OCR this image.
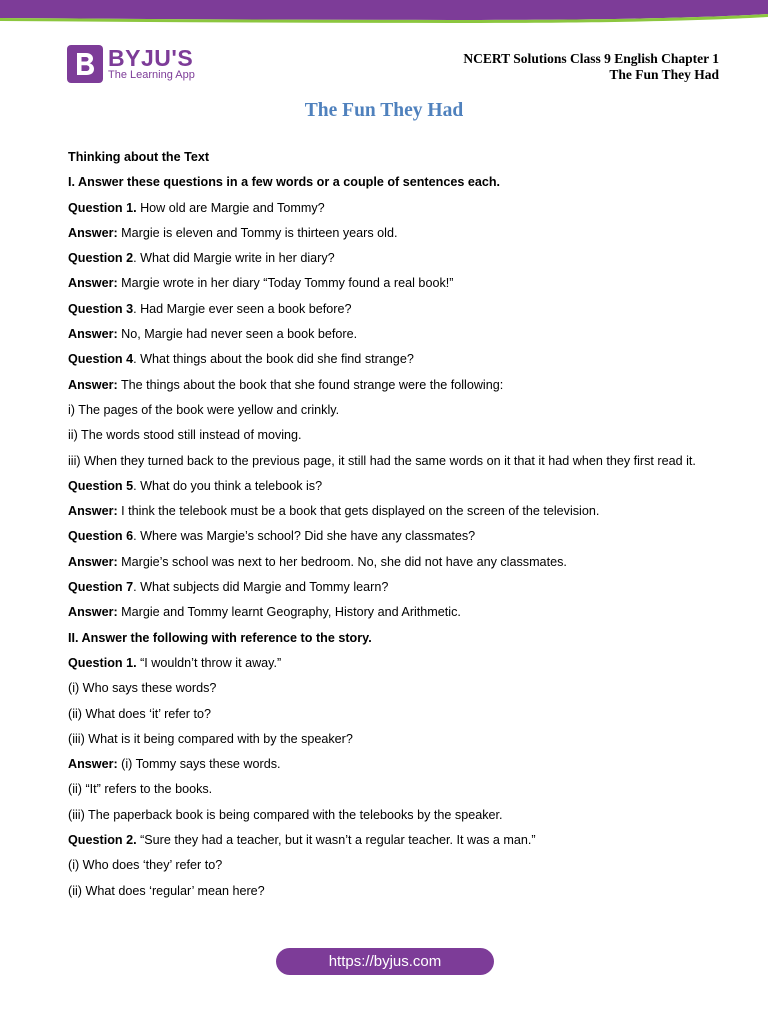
BYJU'S
The Learning App
NCERT Solutions Class 9 English Chapter 1
The Fun They Had
The Fun They Had
Thinking about the Text
I. Answer these questions in a few words or a couple of sentences each.
Question 1. How old are Margie and Tommy?
Answer: Margie is eleven and Tommy is thirteen years old.
Question 2. What did Margie write in her diary?
Answer: Margie wrote in her diary “Today Tommy found a real book!”
Question 3. Had Margie ever seen a book before?
Answer: No, Margie had never seen a book before.
Question 4. What things about the book did she find strange?
Answer: The things about the book that she found strange were the following:
i) The pages of the book were yellow and crinkly.
ii) The words stood still instead of moving.
iii) When they turned back to the previous page, it still had the same words on it that it had when they first read it.
Question 5. What do you think a telebook is?
Answer: I think the telebook must be a book that gets displayed on the screen of the television.
Question 6. Where was Margie’s school? Did she have any classmates?
Answer: Margie’s school was next to her bedroom. No, she did not have any classmates.
Question 7. What subjects did Margie and Tommy learn?
Answer: Margie and Tommy learnt Geography, History and Arithmetic.
II. Answer the following with reference to the story.
Question 1. “I wouldn’t throw it away.”
(i) Who says these words?
(ii) What does ‘it’ refer to?
(iii) What is it being compared with by the speaker?
Answer: (i) Tommy says these words.
(ii) “It” refers to the books.
(iii) The paperback book is being compared with the telebooks by the speaker.
Question 2. “Sure they had a teacher, but it wasn’t a regular teacher. It was a man.”
(i) Who does ‘they’ refer to?
(ii) What does ‘regular’ mean here?
https://byjus.com
